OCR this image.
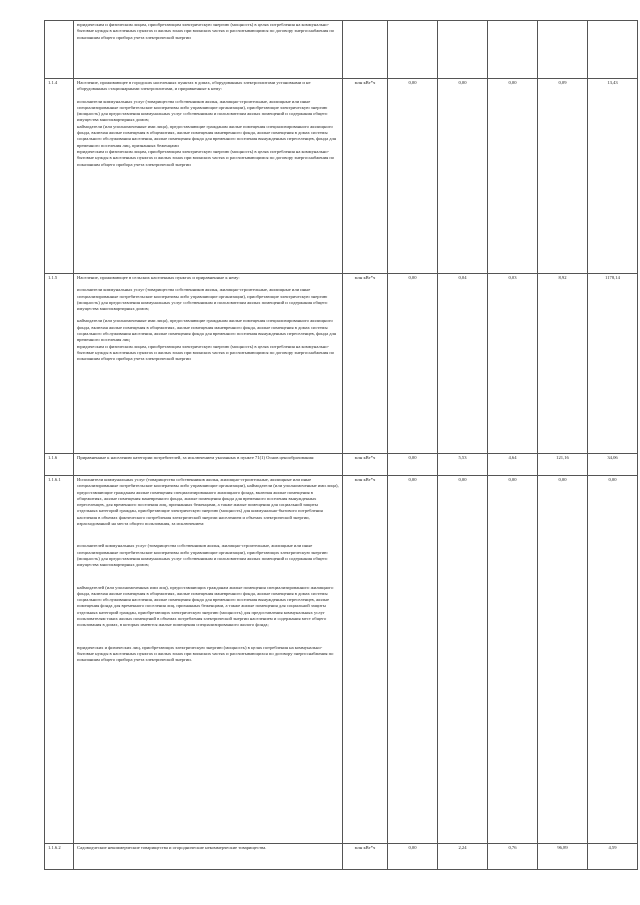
	юридическим и физическим лицам, приобретающим электрическую энергию (мощность) в целях потребления на коммунально-бытовые нужды в населенных пунктах и жилых зонах при воинских частях и рассчитывающимся по договору энергоснабжения по показаниям общего прибора учета электрической энергии						

1.1.4	Население, проживающее в городских населенных пунктах в домах, оборудованных электроплитами установками и не оборудованных стационарными электроплитами, и приравненные к нему:

исполнители коммунальных услуг (товарищества собственников жилья, жилищно-строительные, жилищные или иные специализированные потребительские кооперативы либо управляющие организации), приобретающие электрическую энергию (мощность) для предоставления коммунальных услуг собственникам и пользователям жилых помещений и содержания общего имущества многоквартирных домов;

наймодатели (или уполномоченные ими лица), предоставляющие гражданам жилые помещения специализированного жилищного фонда, включая жилые помещения в общежитиях, жилые помещения маневренного фонда, жилые помещения в домах системы социального обслуживания населения, жилые помещения фонда для временного поселения вынужденных переселенцев, фонда для временного поселения лиц, признанных беженцами

юридическим и физическим лицам, приобретающим электрическую энергию (мощность) в целях потребления на коммунально-бытовые нужды в населенных пунктах и жилых зонах при воинских частях и рассчитывающимся по договору энергоснабжения по показаниям общего прибора учета электрической энергии	млн кВт*ч	0,00	0,00	0,00	0,09	13,43
1.1.5	Население, проживающее в сельских населенных пунктах и приравненные к нему:

исполнители коммунальных услуг (товарищества собственников жилья, жилищно-строительные, жилищные или иные специализированные потребительские кооперативы либо управляющие организации), приобретающие электрическую энергию (мощность) для предоставления коммунальных услуг собственникам и пользователям жилых помещений и содержания общего имущества многоквартирных домов;

наймодатели (или уполномоченные ими лица), предоставляющие гражданам жилые помещения специализированного жилищного фонда, включая жилые помещения в общежитиях, жилые помещения маневренного фонда, жилые помещения в домах системы социального обслуживания населения, жилые помещения фонда для временного поселения вынужденных переселенцев, фонда для временного поселения лиц

юридическим и физическим лицам, приобретающим электрическую энергию (мощность) в целях потребления на коммунально-бытовые нужды в населенных пунктах и жилых зонах при воинских частях и рассчитывающимся по договору энергоснабжения по показаниям общего прибора учета электрической энергии	млн кВт*ч	0,00	0,04	0,03	8,92	1178,14
1.1.6	Приравненные к населению категории потребителей, за исключением указанных в пункте 71(1) Основ ценообразования:	млн кВт*ч	0,00	5,53	4,64	121,16	34,06
1.1.6.1	Исполнители коммунальных услуг (товарищества собственников жилья, жилищно-строительные, жилищные или иные специализированные потребительские кооперативы либо управляющие организации), наймодатели (или уполномоченные ими лица), предоставляющие гражданам жилые помещения специализированного жилищного фонда, включая жилые помещения в общежитиях, жилые помещения маневренного фонда, жилые помещения фонда для временного поселения вынужденных переселенцев, для временного поселения лиц, признанных беженцами, а также жилые помещения для социальной защиты отдельных категорий граждан, приобретающие электрическую энергию (мощность) для коммунально-бытового потребления населения в объемах фактического потребления электрической энергии населением и объемах электрической энергии, израсходованной на места общего пользования, за исключением:

исполнителей коммунальных услуг (товарищества собственников жилья, жилищно-строительные, жилищные или иные специализированные потребительские кооперативы либо управляющие организации), приобретающих электрическую энергию (мощность) для предоставления коммунальных услуг собственникам и пользователям жилых помещений и содержания общего имущества многоквартирных домов;

наймодателей (или уполномоченных ими лиц), предоставляющих гражданам жилые помещения специализированного жилищного фонда, включая жилые помещения в общежитиях, жилые помещения маневренного фонда, жилые помещения в домах системы социального обслуживания населения, жилые помещения фонда для временного поселения вынужденных переселенцев, жилые помещения фонда для временного поселения лиц, признанных беженцами, а также жилые помещения для социальной защиты отдельных категорий граждан, приобретающих электрическую энергию (мощность) для предоставления коммунальных услуг пользователям таких жилых помещений в объемах потребления электрической энергии населением и содержания мест общего пользования в домах, в которых имеются жилые помещения специализированного жилого фонда;

юридических и физических лиц, приобретающих электрическую энергию (мощность) в целях потребления на коммунально-бытовые нужды в населенных пунктах и жилых зонах при воинских частях и рассчитывающихся по договору энергоснабжения по показаниям общего прибора учета электрической энергии.	млн кВт*ч	0,00	0,00	0,00	0,00	0,00
1.1.6.2	Садоводческие некоммерческие товарищества и огороднические некоммерческие товарищества.	млн кВт*ч	0,00	2,24	0,76	96,89	4,59
